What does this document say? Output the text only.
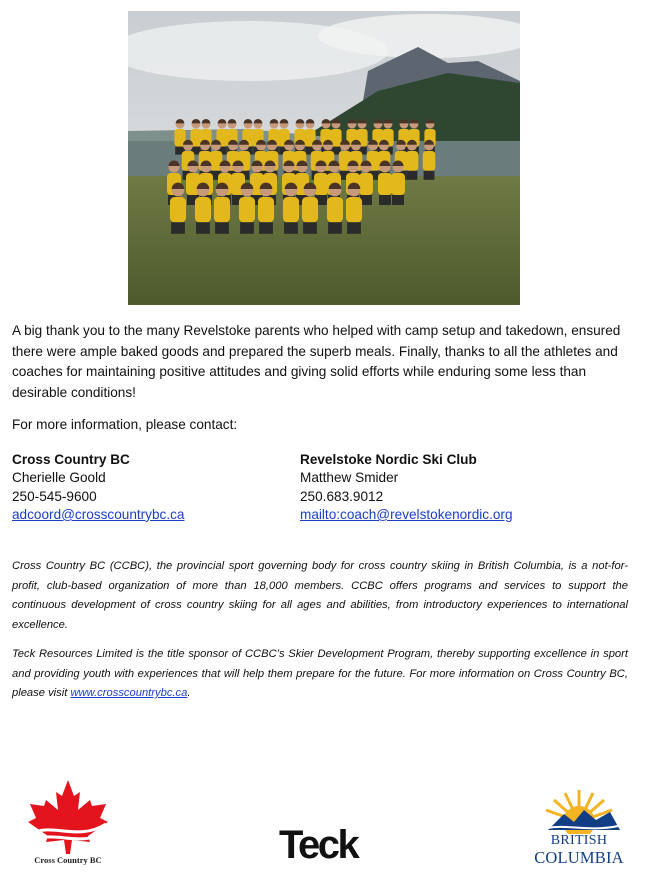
A big thank you to the many Revelstoke parents who helped with camp setup and takedown, ensured there were ample baked goods and prepared the superb meals. Finally, thanks to all the athletes and coaches for maintaining positive attitudes and giving solid efforts while enduring some less than desirable conditions!

For more information, please contact:

Cross Country BC
Cherielle Goold
250-545-9600
adcoord@crosscountrybc.ca
Revelstoke Nordic Ski Club
Matthew Smider
250.683.9012
mailto:coach@revelstokenordic.org

Cross Country BC (CCBC), the provincial sport governing body for cross country skiing in British Columbia, is a not-for-profit, club-based organization of more than 18,000 members. CCBC offers programs and services to support the continuous development of cross country skiing for all ages and abilities, from introductory experiences to international excellence.

Teck Resources Limited is the title sponsor of CCBC’s Skier Development Program, thereby supporting excellence in sport and providing youth with experiences that will help them prepare for the future. For more information on Cross Country BC, please visit www.crosscountrybc.ca.

Cross Country BC	Teck	BRITISH
COLUMBIA
